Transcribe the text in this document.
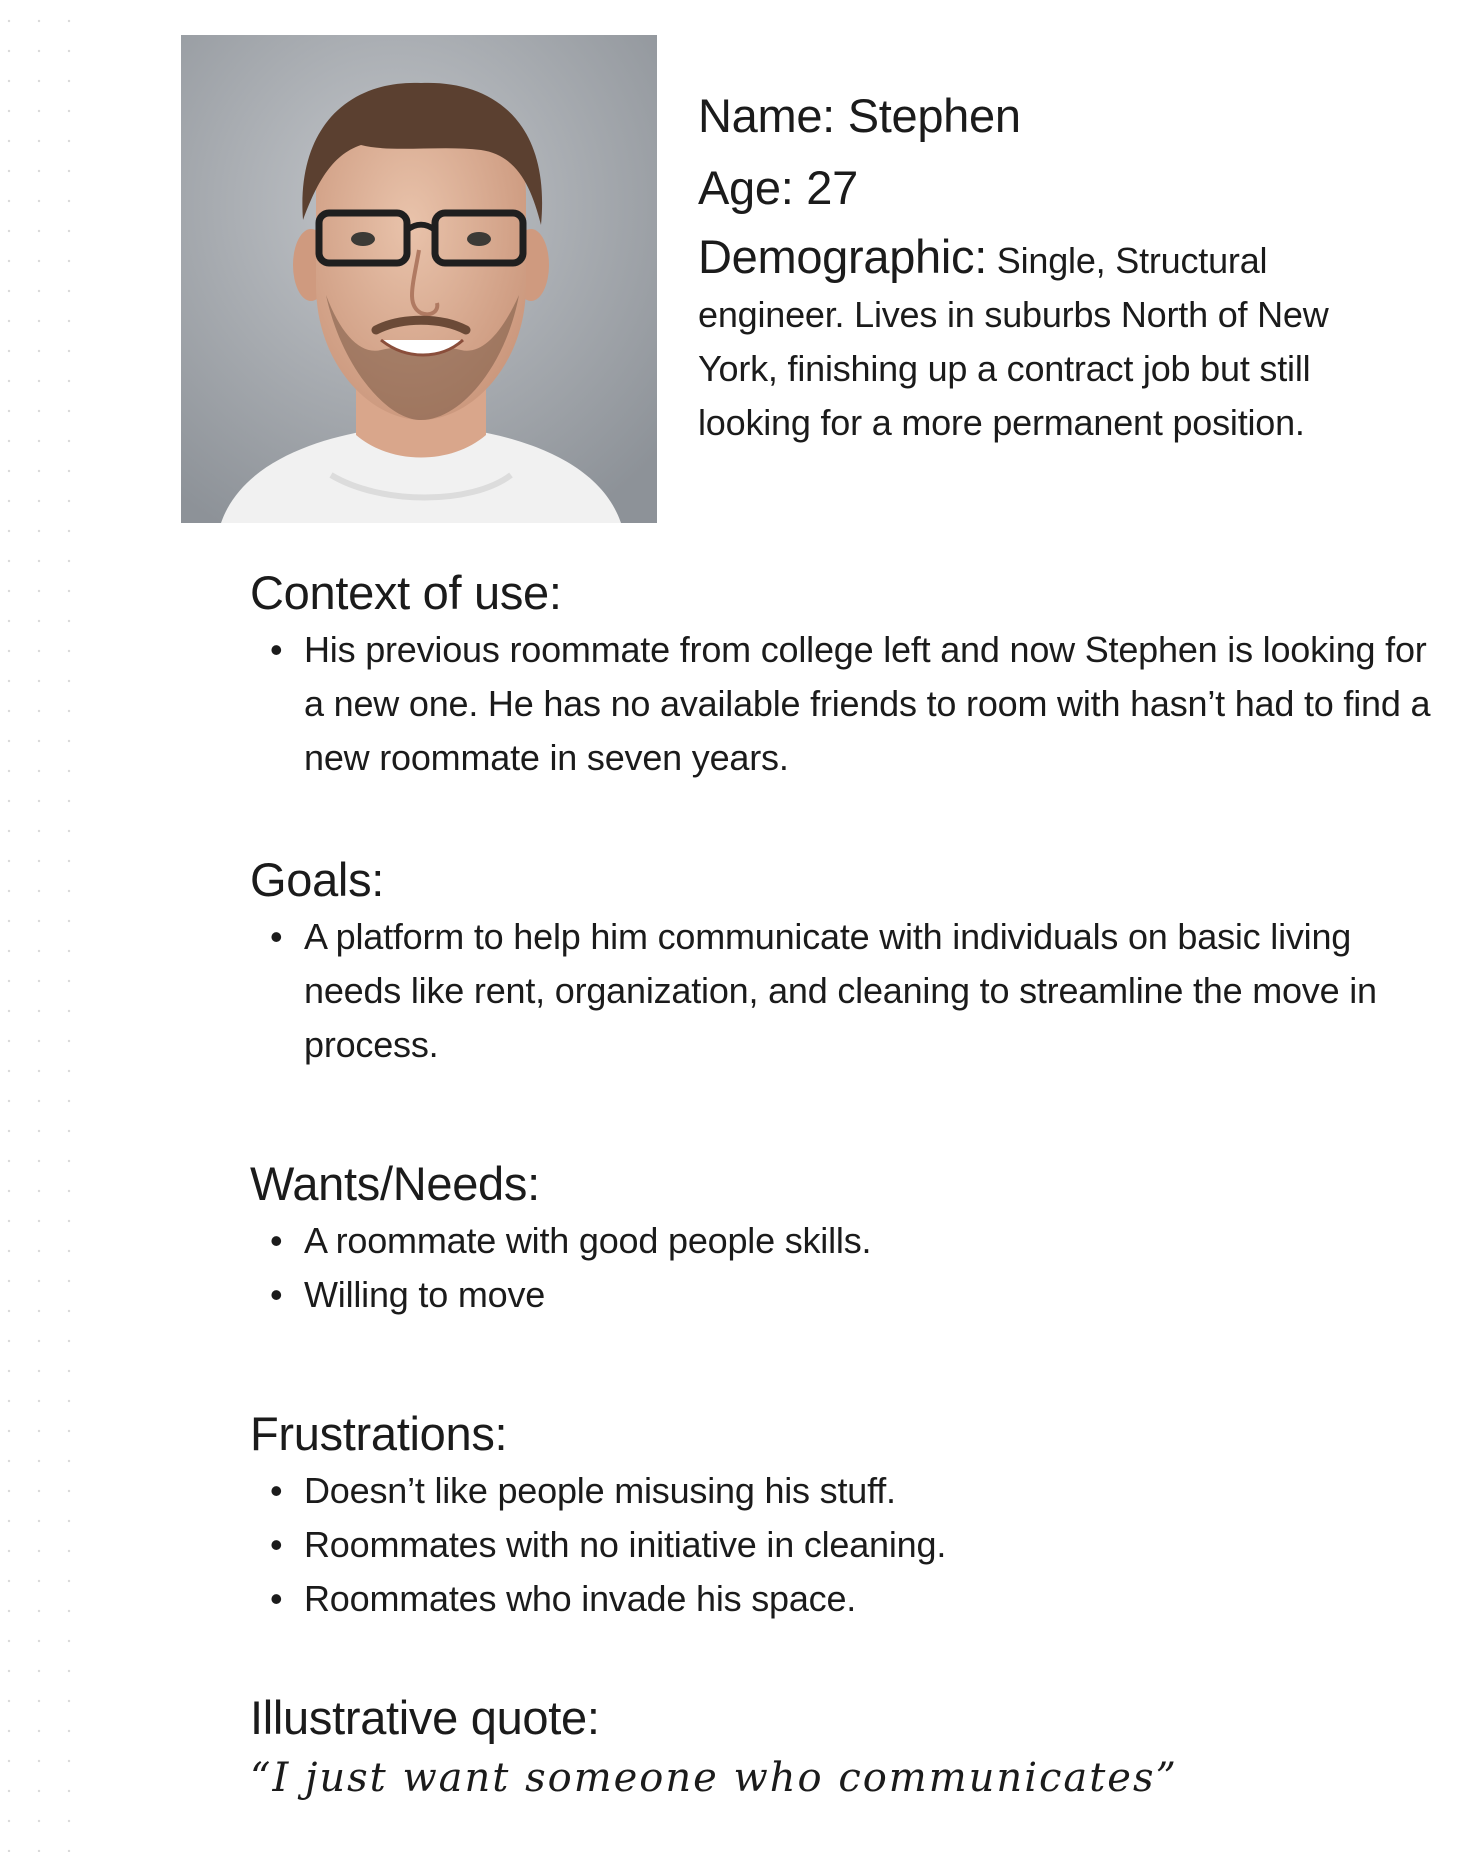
Name: Stephen
Age: 27
Demographic: Single, Structural engineer. Lives in suburbs North of New York, finishing up a contract job but still looking for a more permanent position.
Context of use:
• His previous roommate from college left and now Stephen is looking for a new one. He has no available friends to room with hasn’t had to find a new roommate in seven years.
Goals:
• A platform to help him communicate with individuals on basic living needs like rent, organization, and cleaning to streamline the move in process.
Wants/Needs:
• A roommate with good people skills.
• Willing to move
Frustrations:
• Doesn’t like people misusing his stuff.
• Roommates with no initiative in cleaning.
• Roommates who invade his space.
Illustrative quote:
“I just want someone who communicates”
